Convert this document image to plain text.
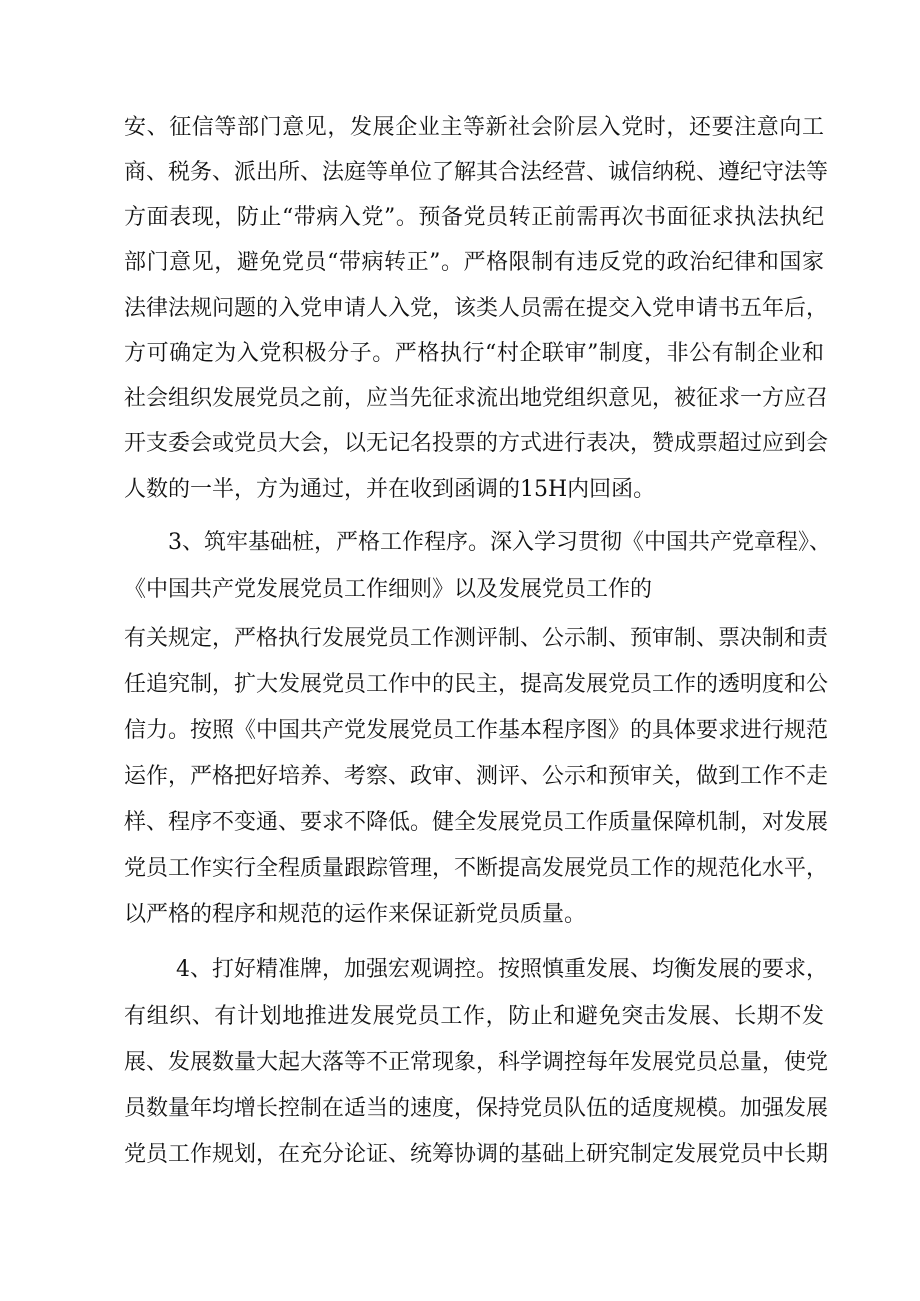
安、征信等部门意见，发展企业主等新社会阶层入党时，还要注意向工
商、税务、派出所、法庭等单位了解其合法经营、诚信纳税、遵纪守法等
方面表现，防止“带病入党”。预备党员转正前需再次书面征求执法执纪
部门意见，避免党员“带病转正”。严格限制有违反党的政治纪律和国家
法律法规问题的入党申请人入党，该类人员需在提交入党申请书五年后，
方可确定为入党积极分子。严格执行“村企联审”制度，非公有制企业和
社会组织发展党员之前，应当先征求流出地党组织意见，被征求一方应召
开支委会或党员大会，以无记名投票的方式进行表决，赞成票超过应到会
人数的一半，方为通过，并在收到函调的15H内回函。
3、筑牢基础桩，严格工作程序。深入学习贯彻《中国共产党章程》、
《中国共产党发展党员工作细则》以及发展党员工作的
有关规定，严格执行发展党员工作测评制、公示制、预审制、票决制和责
任追究制，扩大发展党员工作中的民主，提高发展党员工作的透明度和公
信力。按照《中国共产党发展党员工作基本程序图》的具体要求进行规范
运作，严格把好培养、考察、政审、测评、公示和预审关，做到工作不走
样、程序不变通、要求不降低。健全发展党员工作质量保障机制，对发展
党员工作实行全程质量跟踪管理，不断提高发展党员工作的规范化水平，
以严格的程序和规范的运作来保证新党员质量。
4、打好精准牌，加强宏观调控。按照慎重发展、均衡发展的要求，
有组织、有计划地推进发展党员工作，防止和避免突击发展、长期不发
展、发展数量大起大落等不正常现象，科学调控每年发展党员总量，使党
员数量年均增长控制在适当的速度，保持党员队伍的适度规模。加强发展
党员工作规划，在充分论证、统筹协调的基础上研究制定发展党员中长期
